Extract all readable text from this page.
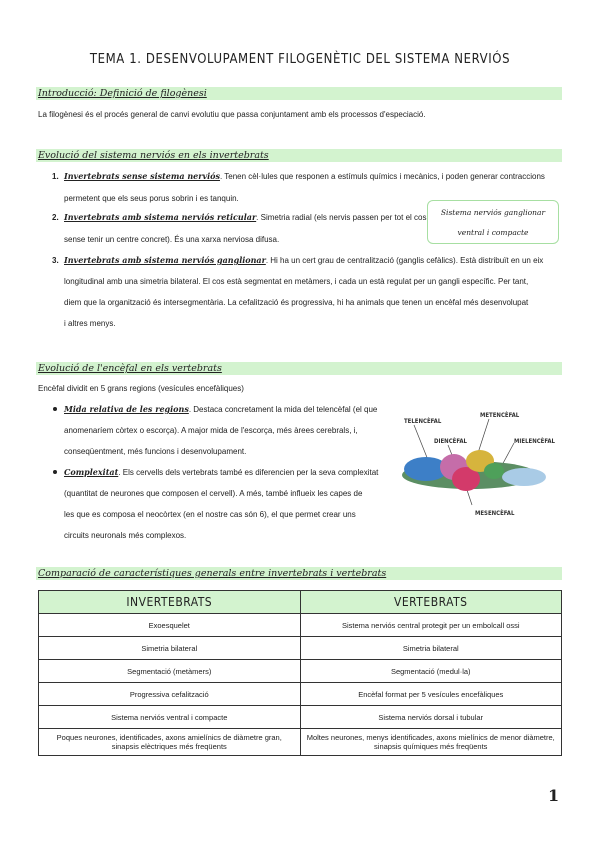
TEMA 1. DESENVOLUPAMENT FILOGENÈTIC DEL SISTEMA NERVIÓS
Introducció: Definició de filogènesi
La filogènesi és el procés general de canvi evolutiu que passa conjuntament amb els processos d'especiació.
Evolució del sistema nerviós en els invertebrats
1. Invertebrats sense sistema nerviós. Tenen cèl·lules que responen a estímuls químics i mecànics, i poden generar contraccions
permetent que els seus porus sobrin i es tanquin.
2. Invertebrats amb sistema nerviós reticular. Simetria radial (els nervis passen per tot el cos
sense tenir un centre concret). És una xarxa nerviosa difusa.
Sistema nerviós ganglionar
ventral i compacte
3. Invertebrats amb sistema nerviós ganglionar. Hi ha un cert grau de centralització (ganglis cefàlics). Està distribuït en un eix
longitudinal amb una simetria bilateral. El cos està segmentat en metàmers, i cada un està regulat per un gangli específic. Per tant,
diem que la organització és intersegmentària. La cefalització és progressiva, hi ha animals que tenen un encèfal més desenvolupat
i altres menys.
Evolució de l'encèfal en els vertebrats
Encèfal dividit en 5 grans regions (vesícules encefàliques)
Mida relativa de les regions. Destaca concretament la mida del telencèfal (el que
anomenaríem còrtex o escorça). A major mida de l'escorça, més àrees cerebrals, i,
conseqüentment, més funcions i desenvolupament.
Complexitat. Els cervells dels vertebrats també es diferencien per la seva complexitat
(quantitat de neurones que composen el cervell). A més, també influeix les capes de
les que es composa el neocòrtex (en el nostre cas són 6), el que permet crear uns
circuits neuronals més complexos.
TELENCÈFAL
METENCÈFAL
DIENCÈFAL	MIELENCÈFAL
MESENCÈFAL
Comparació de característiques generals entre invertebrats i vertebrats
INVERTEBRATS	VERTEBRATS
Exoesquelet	Sistema nerviós central protegit per un embolcall ossi
Simetria bilateral	Simetria bilateral
Segmentació (metàmers)	Segmentació (medul·la)
Progressiva cefalització	Encèfal format per 5 vesícules encefàliques
Sistema nerviós ventral i compacte	Sistema nerviós dorsal i tubular
Poques neurones, identificades, axons amielínics de diàmetre gran, sinapsis elèctriques més freqüents	Moltes neurones, menys identificades, axons mielínics de menor diàmetre, sinapsis químiques més freqüents
1
